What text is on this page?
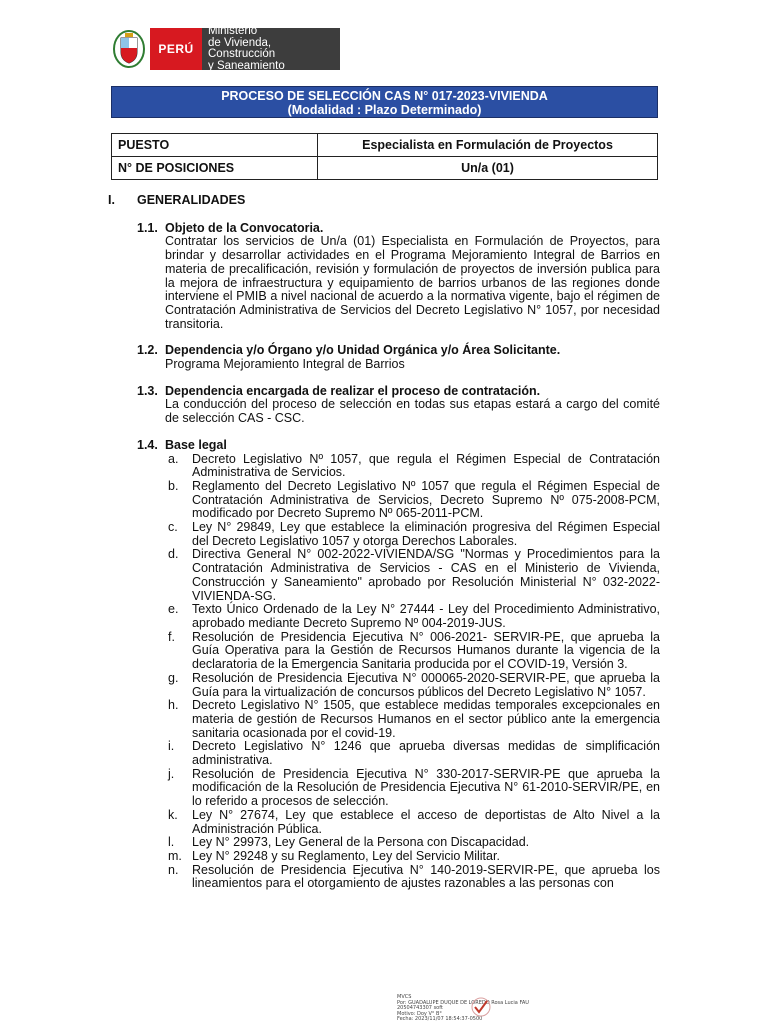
PERÚ
Ministerio
de Vivienda, Construcción
y Saneamiento
PROCESO DE SELECCIÓN CAS N° 017-2023-VIVIENDA
(Modalidad : Plazo Determinado)
PUESTO	Especialista en Formulación de Proyectos
N° DE POSICIONES	Un/a (01)
I.	GENERALIDADES
1.1. Objeto de la Convocatoria.
Contratar los servicios de Un/a (01) Especialista en Formulación de Proyectos, para brindar y desarrollar actividades en el Programa Mejoramiento Integral de Barrios en materia de precalificación, revisión y formulación de proyectos de inversión publica para la mejora de infraestructura y equipamiento de barrios urbanos de las regiones donde interviene el PMIB a nivel nacional de acuerdo a la normativa vigente, bajo el régimen de Contratación Administrativa de Servicios del Decreto Legislativo N° 1057, por necesidad transitoria.
1.2. Dependencia y/o Órgano y/o Unidad Orgánica y/o Área Solicitante.
Programa Mejoramiento Integral de Barrios
1.3. Dependencia encargada de realizar el proceso de contratación.
La conducción del proceso de selección en todas sus etapas estará a cargo del comité de selección CAS - CSC.
1.4. Base legal
a.	Decreto Legislativo Nº 1057, que regula el Régimen Especial de Contratación Administrativa de Servicios.
b.	Reglamento del Decreto Legislativo Nº 1057 que regula el Régimen Especial de Contratación Administrativa de Servicios, Decreto Supremo Nº 075-2008-PCM, modificado por Decreto Supremo Nº 065-2011-PCM.
c.	Ley N° 29849, Ley que establece la eliminación progresiva del Régimen Especial del Decreto Legislativo 1057 y otorga Derechos Laborales.
d.	Directiva General N° 002-2022-VIVIENDA/SG "Normas y Procedimientos para la Contratación Administrativa de Servicios - CAS en el Ministerio de Vivienda, Construcción y Saneamiento" aprobado por Resolución Ministerial N° 032-2022-VIVIENDA-SG.
e.	Texto Único Ordenado de la Ley N° 27444 - Ley del Procedimiento Administrativo, aprobado mediante Decreto Supremo Nº 004-2019-JUS.
f.	Resolución de Presidencia Ejecutiva N° 006-2021- SERVIR-PE, que aprueba la Guía Operativa para la Gestión de Recursos Humanos durante la vigencia de la declaratoria de la Emergencia Sanitaria producida por el COVID-19, Versión 3.
g.	Resolución de Presidencia Ejecutiva N° 000065-2020-SERVIR-PE, que aprueba la Guía para la virtualización de concursos públicos del Decreto Legislativo N° 1057.
h.	Decreto Legislativo N° 1505, que establece medidas temporales excepcionales en materia de gestión de Recursos Humanos en el sector público ante la emergencia sanitaria ocasionada por el covid-19.
i.	Decreto Legislativo N° 1246 que aprueba diversas medidas de simplificación administrativa.
j.	Resolución de Presidencia Ejecutiva N° 330-2017-SERVIR-PE que aprueba la modificación de la Resolución de Presidencia Ejecutiva N° 61-2010-SERVIR/PE, en lo referido a procesos de selección.
k.	Ley N° 27674, Ley que establece el acceso de deportistas de Alto Nivel a la Administración Pública.
l.	Ley N° 29973, Ley General de la Persona con Discapacidad.
m. Ley N° 29248 y su Reglamento, Ley del Servicio Militar.
n.	Resolución de Presidencia Ejecutiva N° 140-2019-SERVIR-PE, que aprueba los lineamientos para el otorgamiento de ajustes razonables a las personas con
MVCS
Por: GUADALUPE DUQUE DE LOREDO Rosa Lucia FAU
20504743307 soft
Motivo: Doy V° B°
Fecha: 2023/11/07 18:54:37-0500
